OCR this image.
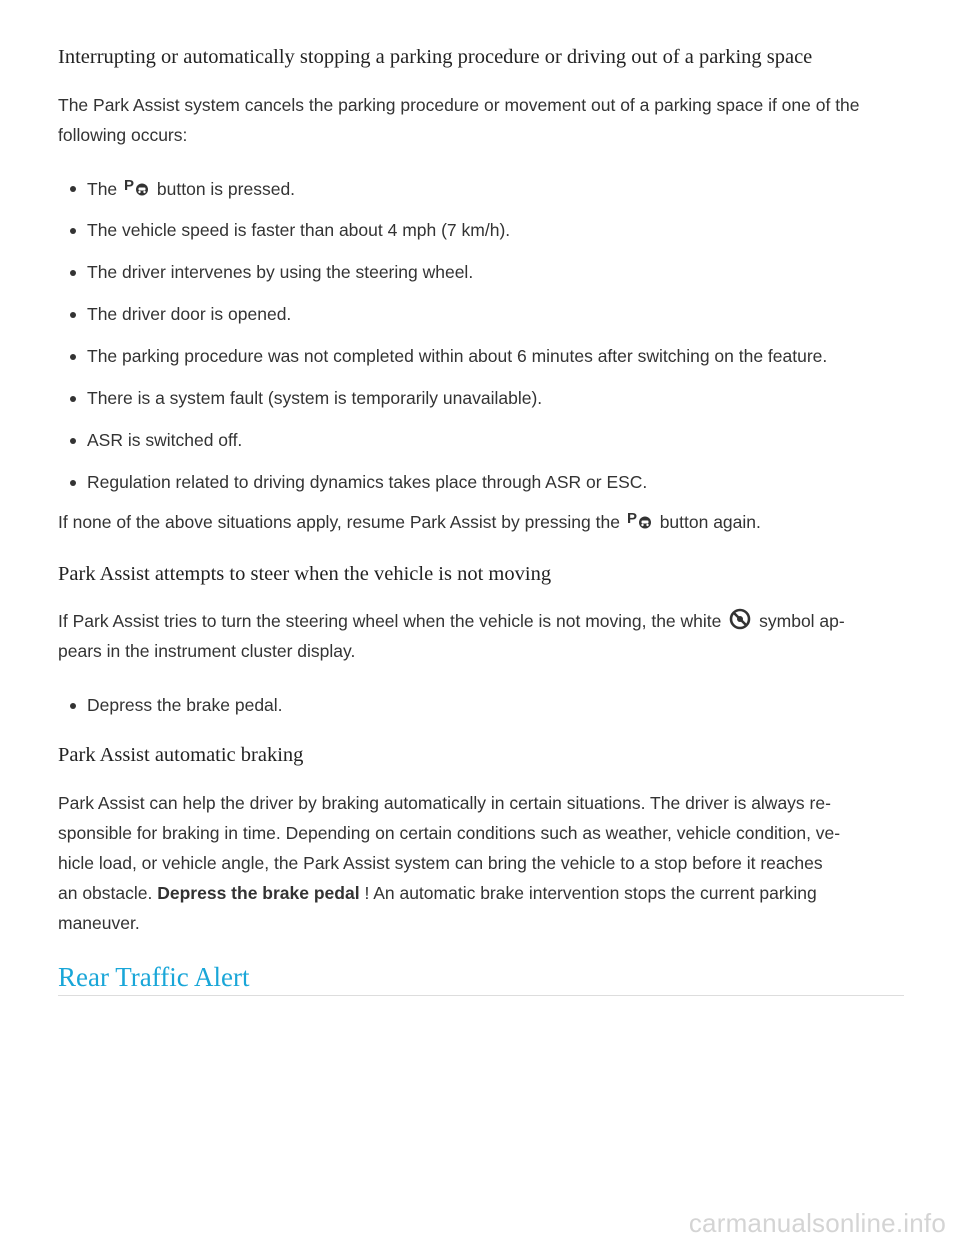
Interrupting or automatically stopping a parking procedure or driving out of a parking space

The Park Assist system cancels the parking procedure or movement out of a parking space if one of the following occurs:

The P button is pressed.
The vehicle speed is faster than about 4 mph (7 km/h).
The driver intervenes by using the steering wheel.
The driver door is opened.
The parking procedure was not completed within about 6 minutes after switching on the feature.
There is a system fault (system is temporarily unavailable).
ASR is switched off.
Regulation related to driving dynamics takes place through ASR or ESC.

If none of the above situations apply, resume Park Assist by pressing the P button again.

Park Assist attempts to steer when the vehicle is not moving

If Park Assist tries to turn the steering wheel when the vehicle is not moving, the white symbol ap-
pears in the instrument cluster display.

Depress the brake pedal.
Park Assist automatic braking

Park Assist can help the driver by braking automatically in certain situations. The driver is always re-
sponsible for braking in time. Depending on certain conditions such as weather, vehicle condition, ve-
hicle load, or vehicle angle, the Park Assist system can bring the vehicle to a stop before it reaches
an obstacle. Depress the brake pedal ! An automatic brake intervention stops the current parking
maneuver.

Rear Traffic Alert
carmanualsonline.info
